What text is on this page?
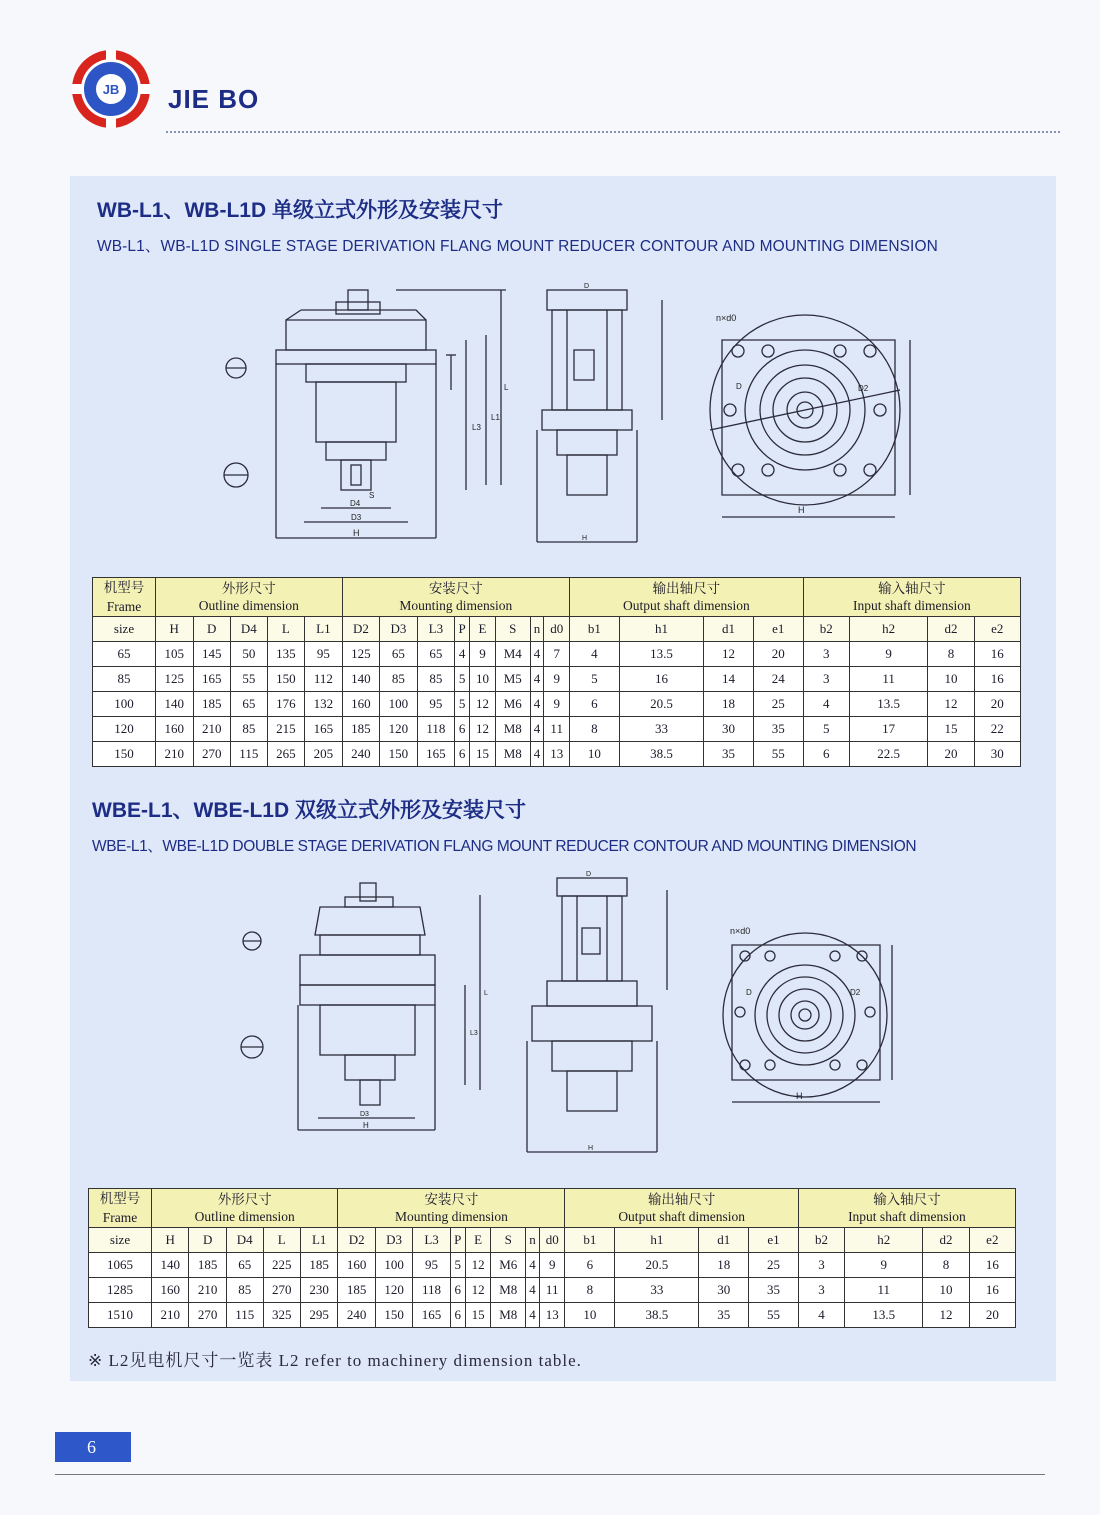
JB JIE BO
WB-L1、WB-L1D 单级立式外形及安装尺寸
WB-L1、WB-L1D SINGLE STAGE DERIVATION FLANG MOUNT REDUCER CONTOUR AND MOUNTING DIMENSION
H
D3
D4
S
L3
L1
L
D
H
n×d0
H
D	D2
机型号
Frame	外形尺寸
Outline dimension					安装尺寸
Mounting dimension								输出轴尺寸
Output shaft dimension				输入轴尺寸
Input shaft dimension			
size	H	D	D4	L	L1	D2	D3	L3	P	E	S	n	d0	b1	h1	d1	e1	b2	h2	d2	e2
65	105	145	50	135	95	125	65	65	4	9	M4	4	7	4	13.5	12	20	3	9	8	16
85	125	165	55	150	112	140	85	85	5	10	M5	4	9	5	16	14	24	3	11	10	16
100	140	185	65	176	132	160	100	95	5	12	M6	4	9	6	20.5	18	25	4	13.5	12	20
120	160	210	85	215	165	185	120	118	6	12	M8	4	11	8	33	30	35	5	17	15	22
150	210	270	115	265	205	240	150	165	6	15	M8	4	13	10	38.5	35	55	6	22.5	20	30
WBE-L1、WBE-L1D 双级立式外形及安装尺寸
WBE-L1、WBE-L1D DOUBLE STAGE DERIVATION FLANG MOUNT REDUCER CONTOUR AND MOUNTING DIMENSION
H
D3
L3
L
D
H
n×d0
H
D	D2
机型号
Frame	外形尺寸
Outline dimension					安装尺寸
Mounting dimension								输出轴尺寸
Output shaft dimension				输入轴尺寸
Input shaft dimension			
size	H	D	D4	L	L1	D2	D3	L3	P	E	S	n	d0	b1	h1	d1	e1	b2	h2	d2	e2
1065	140	185	65	225	185	160	100	95	5	12	M6	4	9	6	20.5	18	25	3	9	8	16
1285	160	210	85	270	230	185	120	118	6	12	M8	4	11	8	33	30	35	3	11	10	16
1510	210	270	115	325	295	240	150	165	6	15	M8	4	13	10	38.5	35	55	4	13.5	12	20
※ L2见电机尺寸一览表 L2 refer to machinery dimension table.
6
